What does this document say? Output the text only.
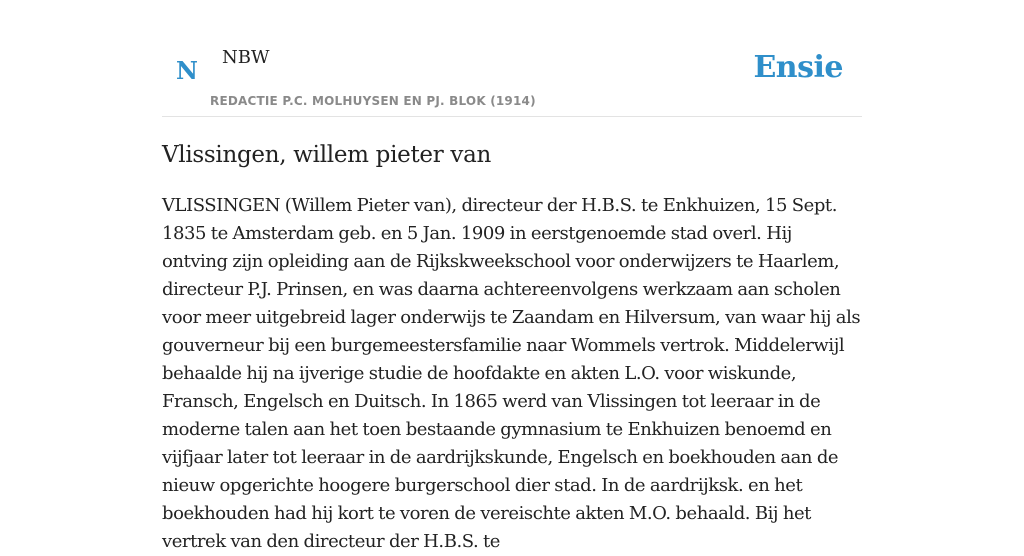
N NBW
REDACTIE P.C. MOLHUYSEN EN PJ. BLOK (1914)
Ensie
Vlissingen, willem pieter van

VLISSINGEN (Willem Pieter van), directeur der H.B.S. te Enkhuizen, 15 Sept. 1835 te Amsterdam geb. en 5 Jan. 1909 in eerstgenoemde stad overl. Hij ontving zijn opleiding aan de Rijkskweekschool voor onderwijzers te Haarlem, directeur P.J. Prinsen, en was daarna achtereenvolgens werkzaam aan scholen voor meer uitgebreid lager onderwijs te Zaandam en Hilversum, van waar hij als gouverneur bij een burgemeestersfamilie naar Wommels vertrok. Middelerwijl behaalde hij na ijverige studie de hoofdakte en akten L.O. voor wiskunde, Fransch, Engelsch en Duitsch. In 1865 werd van Vlissingen tot leeraar in de moderne talen aan het toen bestaande gymnasium te Enkhuizen benoemd en vijfjaar later tot leeraar in de aardrijkskunde, Engelsch en boekhouden aan de nieuw opgerichte hoogere burgerschool dier stad. In de aardrijksk. en het boekhouden had hij kort te voren de vereischte akten M.O. behaald. Bij het vertrek van den directeur der H.B.S. te
